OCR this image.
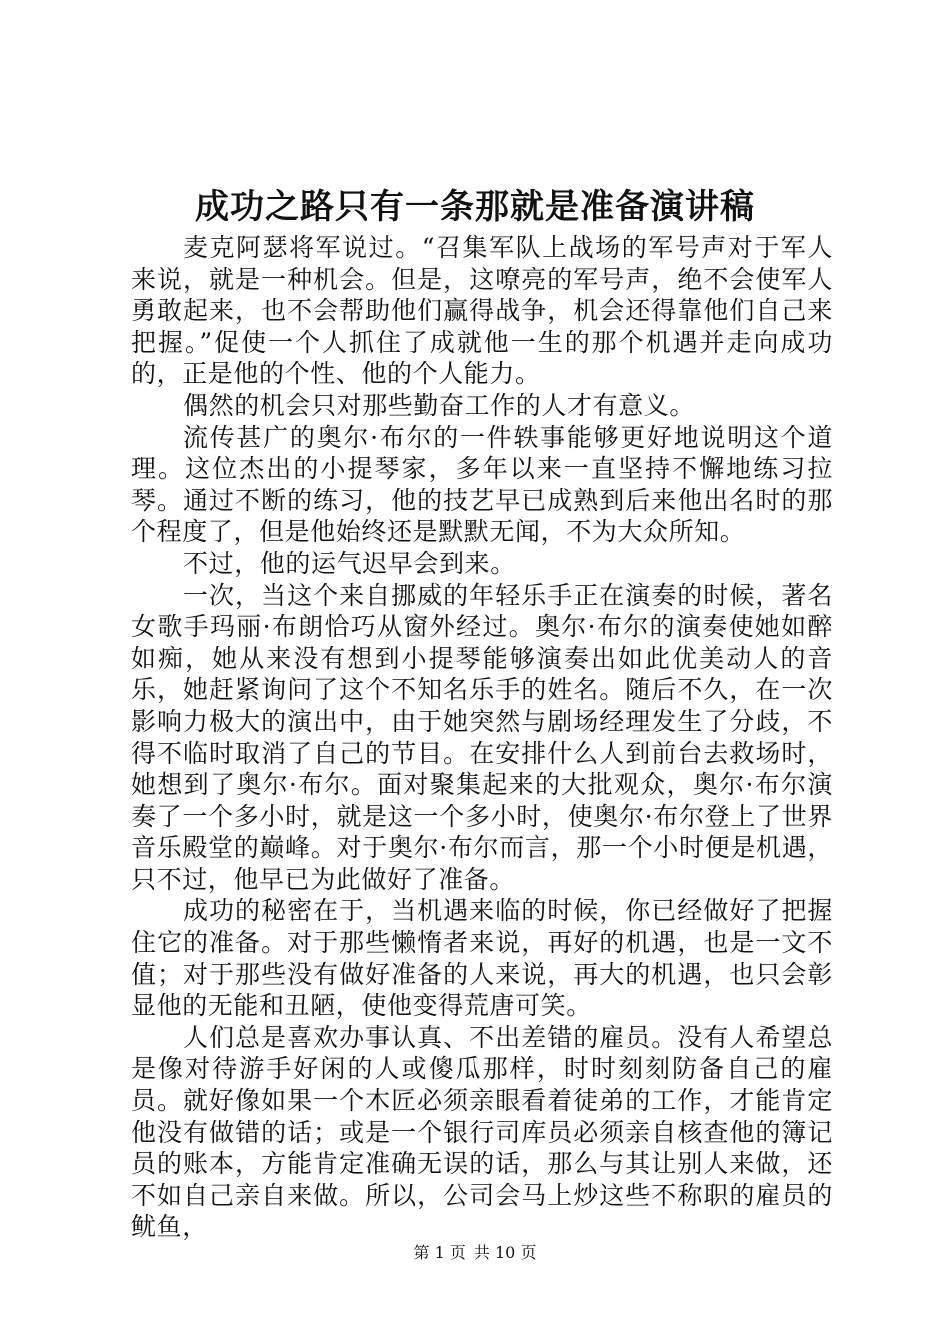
成功之路只有一条那就是准备演讲稿

麦克阿瑟将军说过。“召集军队上战场的军号声对于军人来说，就是一种机会。但是，这嘹亮的军号声，绝不会使军人勇敢起来，也不会帮助他们赢得战争，机会还得靠他们自己来把握。”促使一个人抓住了成就他一生的那个机遇并走向成功的，正是他的个性、他的个人能力。

偶然的机会只对那些勤奋工作的人才有意义。

流传甚广的奥尔·布尔的一件轶事能够更好地说明这个道理。这位杰出的小提琴家，多年以来一直坚持不懈地练习拉琴。通过不断的练习，他的技艺早已成熟到后来他出名时的那个程度了，但是他始终还是默默无闻，不为大众所知。

不过，他的运气迟早会到来。

一次，当这个来自挪威的年轻乐手正在演奏的时候，著名女歌手玛丽·布朗恰巧从窗外经过。奥尔·布尔的演奏使她如醉如痴，她从来没有想到小提琴能够演奏出如此优美动人的音乐，她赶紧询问了这个不知名乐手的姓名。随后不久，在一次影响力极大的演出中，由于她突然与剧场经理发生了分歧，不得不临时取消了自己的节目。在安排什么人到前台去救场时，她想到了奥尔·布尔。面对聚集起来的大批观众，奥尔·布尔演奏了一个多小时，就是这一个多小时，使奥尔·布尔登上了世界音乐殿堂的巅峰。对于奥尔·布尔而言，那一个小时便是机遇，只不过，他早已为此做好了准备。

成功的秘密在于，当机遇来临的时候，你已经做好了把握住它的准备。对于那些懒惰者来说，再好的机遇，也是一文不值；对于那些没有做好准备的人来说，再大的机遇，也只会彰显他的无能和丑陋，使他变得荒唐可笑。

人们总是喜欢办事认真、不出差错的雇员。没有人希望总是像对待游手好闲的人或傻瓜那样，时时刻刻防备自己的雇员。就好像如果一个木匠必须亲眼看着徒弟的工作，才能肯定他没有做错的话；或是一个银行司库员必须亲自核查他的簿记员的账本，方能肯定准确无误的话，那么与其让别人来做，还不如自己亲自来做。所以，公司会马上炒这些不称职的雇员的鱿鱼，

第 1 页 共 10 页
